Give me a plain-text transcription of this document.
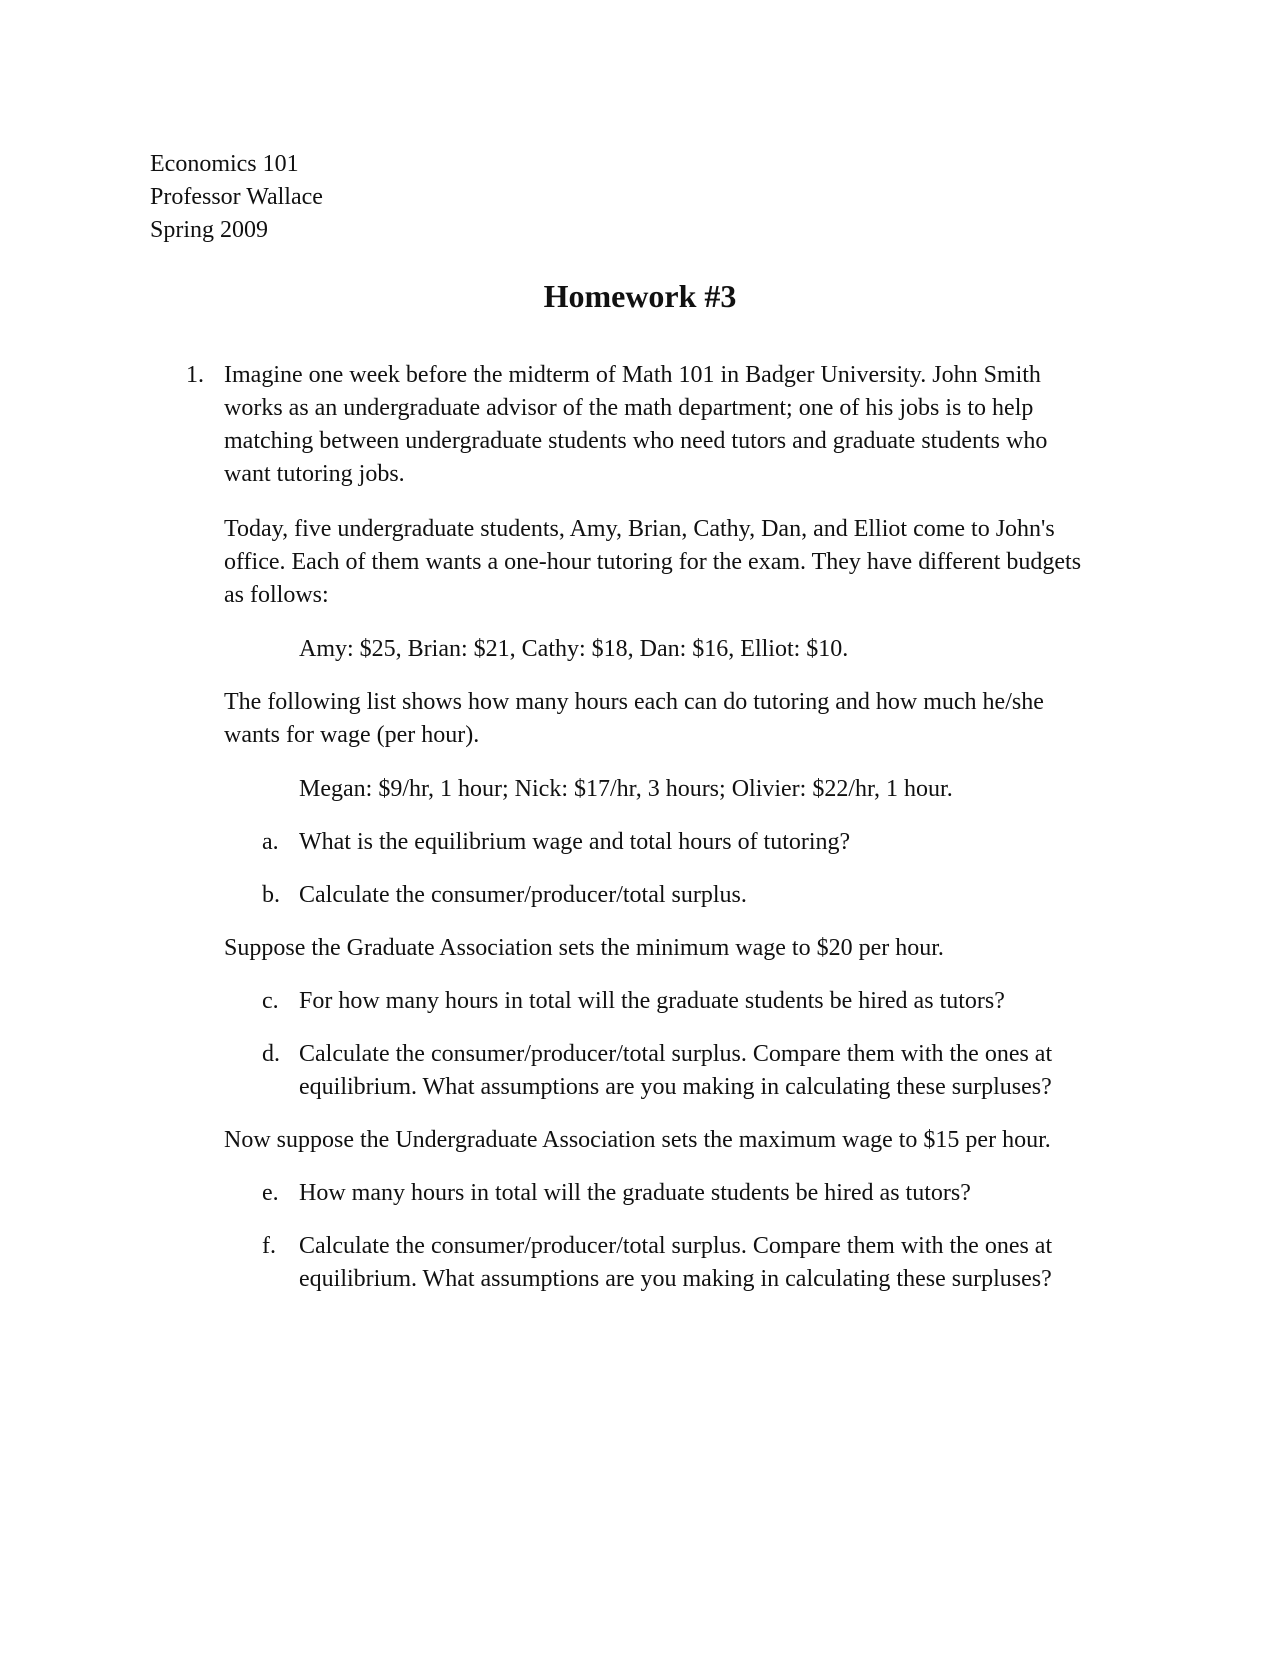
Economics 101
Professor Wallace
Spring 2009
Homework #3
1. Imagine one week before the midterm of Math 101 in Badger University. John Smith
works as an undergraduate advisor of the math department; one of his jobs is to help
matching between undergraduate students who need tutors and graduate students who
want tutoring jobs.
Today, five undergraduate students, Amy, Brian, Cathy, Dan, and Elliot come to John's
office. Each of them wants a one-hour tutoring for the exam. They have different budgets
as follows:
Amy: $25, Brian: $21, Cathy: $18, Dan: $16, Elliot: $10.
The following list shows how many hours each can do tutoring and how much he/she
wants for wage (per hour).
Megan: $9/hr, 1 hour; Nick: $17/hr, 3 hours; Olivier: $22/hr, 1 hour.
a. What is the equilibrium wage and total hours of tutoring?
b. Calculate the consumer/producer/total surplus.
Suppose the Graduate Association sets the minimum wage to $20 per hour.
c. For how many hours in total will the graduate students be hired as tutors?
d. Calculate the consumer/producer/total surplus. Compare them with the ones at
equilibrium. What assumptions are you making in calculating these surpluses?
Now suppose the Undergraduate Association sets the maximum wage to $15 per hour.
e. How many hours in total will the graduate students be hired as tutors?
f. Calculate the consumer/producer/total surplus. Compare them with the ones at
equilibrium. What assumptions are you making in calculating these surpluses?
